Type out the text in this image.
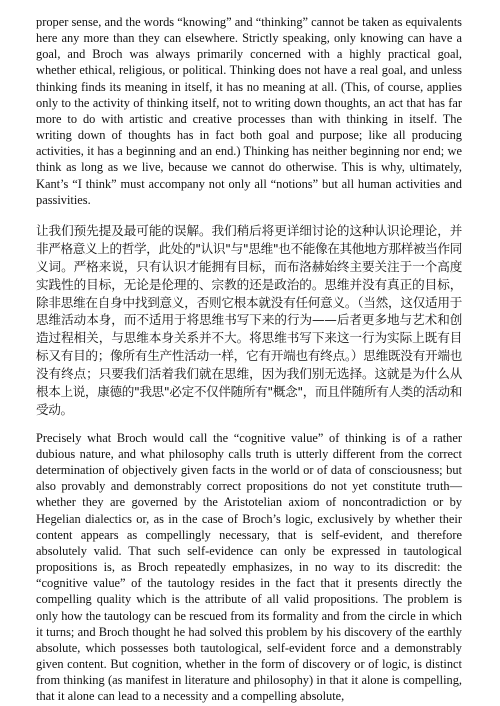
proper sense, and the words “knowing” and “thinking” cannot be taken as equivalents here any more than they can elsewhere. Strictly speaking, only knowing can have a goal, and Broch was always primarily concerned with a highly practical goal, whether ethical, religious, or political. Thinking does not have a real goal, and unless thinking finds its meaning in itself, it has no meaning at all. (This, of course, applies only to the activity of thinking itself, not to writing down thoughts, an act that has far more to do with artistic and creative processes than with thinking in itself. The writing down of thoughts has in fact both goal and purpose; like all producing activities, it has a beginning and an end.) Thinking has neither beginning nor end; we think as long as we live, because we cannot do otherwise. This is why, ultimately, Kant’s “I think” must accompany not only all “notions” but all human activities and passivities.

让我们预先提及最可能的误解。我们稍后将更详细讨论的这种认识论理论，并非严格意义上的哲学，此处的"认识"与"思维"也不能像在其他地方那样被当作同义词。严格来说，只有认识才能拥有目标，而布洛赫始终主要关注于一个高度实践性的目标，无论是伦理的、宗教的还是政治的。思维并没有真正的目标，除非思维在自身中找到意义，否则它根本就没有任何意义。（当然，这仅适用于思维活动本身，而不适用于将思维书写下来的行为——后者更多地与艺术和创造过程相关，与思维本身关系并不大。将思维书写下来这一行为实际上既有目标又有目的；像所有生产性活动一样，它有开端也有终点。）思维既没有开端也没有终点；只要我们活着我们就在思维，因为我们别无选择。这就是为什么从根本上说，康德的"我思"必定不仅伴随所有"概念"，而且伴随所有人类的活动和受动。

Precisely what Broch would call the “cognitive value” of thinking is of a rather dubious nature, and what philosophy calls truth is utterly different from the correct determination of objectively given facts in the world or of data of consciousness; but also provably and demonstrably correct propositions do not yet constitute truth—whether they are governed by the Aristotelian axiom of noncontradiction or by Hegelian dialectics or, as in the case of Broch’s logic, exclusively by whether their content appears as compellingly necessary, that is self-evident, and therefore absolutely valid. That such self-evidence can only be expressed in tautological propositions is, as Broch repeatedly emphasizes, in no way to its discredit: the “cognitive value” of the tautology resides in the fact that it presents directly the compelling quality which is the attribute of all valid propositions. The problem is only how the tautology can be rescued from its formality and from the circle in which it turns; and Broch thought he had solved this problem by his discovery of the earthly absolute, which possesses both tautological, self-evident force and a demonstrably given content. But cognition, whether in the form of discovery or of logic, is distinct from thinking (as manifest in literature and philosophy) in that it alone is compelling, that it alone can lead to a necessity and a compelling absolute,
